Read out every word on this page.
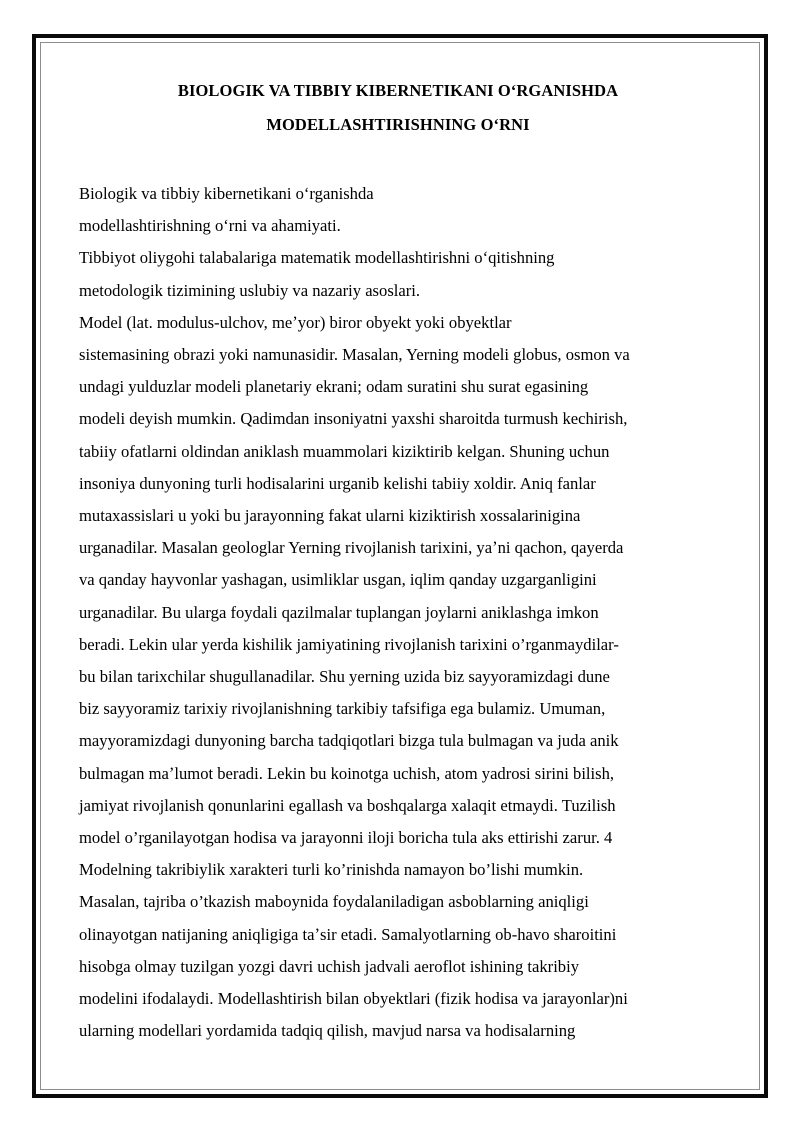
BIOLOGIK VA TIBBIY KIBERNETIKANI OʻRGANISHDA
MODELLASHTIRISHNING OʻRNI
Biologik va tibbiy kibernetikani oʻrganishda
modellashtirishning oʻrni va ahamiyati.
Tibbiyot oliygohi talabalariga matematik modellashtirishni oʻqitishning
metodologik tizimining uslubiy va nazariy asoslari.
Model (lat. modulus-ulchov, meʼyor) biror obyekt yoki obyektlar
sistemasining obrazi yoki namunasidir. Masalan, Yerning modeli globus, osmon va
undagi yulduzlar modeli planetariy ekrani; odam suratini shu surat egasining
modeli deyish mumkin. Qadimdan insoniyatni yaxshi sharoitda turmush kechirish,
tabiiy ofatlarni oldindan aniklash muammolari kiziktirib kelgan. Shuning uchun
insoniya dunyoning turli hodisalarini urganib kelishi tabiiy xoldir. Aniq fanlar
mutaxassislari u yoki bu jarayonning fakat ularni kiziktirish xossalarinigina
urganadilar. Masalan geologlar Yerning rivojlanish tarixini, yaʼni qachon, qayerda
va qanday hayvonlar yashagan, usimliklar usgan, iqlim qanday uzgarganligini
urganadilar. Bu ularga foydali qazilmalar tuplangan joylarni aniklashga imkon
beradi. Lekin ular yerda kishilik jamiyatining rivojlanish tarixini o’rganmaydilar-
bu bilan tarixchilar shugullanadilar. Shu yerning uzida biz sayyoramizdagi dune
biz sayyoramiz tarixiy rivojlanishning tarkibiy tafsifiga ega bulamiz. Umuman,
mayyoramizdagi dunyoning barcha tadqiqotlari bizga tula bulmagan va juda anik
bulmagan maʼlumot beradi. Lekin bu koinotga uchish, atom yadrosi sirini bilish,
jamiyat rivojlanish qonunlarini egallash va boshqalarga xalaqit etmaydi. Tuzilish
model o’rganilayotgan hodisa va jarayonni iloji boricha tula aks ettirishi zarur. 4
Modelning takribiylik xarakteri turli ko’rinishda namayon bo’lishi mumkin.
Masalan, tajriba o’tkazish maboynida foydalaniladigan asboblarning aniqligi
olinayotgan natijaning aniqligiga taʼsir etadi. Samalyotlarning ob-havo sharoitini
hisobga olmay tuzilgan yozgi davri uchish jadvali aeroflot ishining takribiy
modelini ifodalaydi. Modellashtirish bilan obyektlari (fizik hodisa va jarayonlar)ni
ularning modellari yordamida tadqiq qilish, mavjud narsa va hodisalarning
